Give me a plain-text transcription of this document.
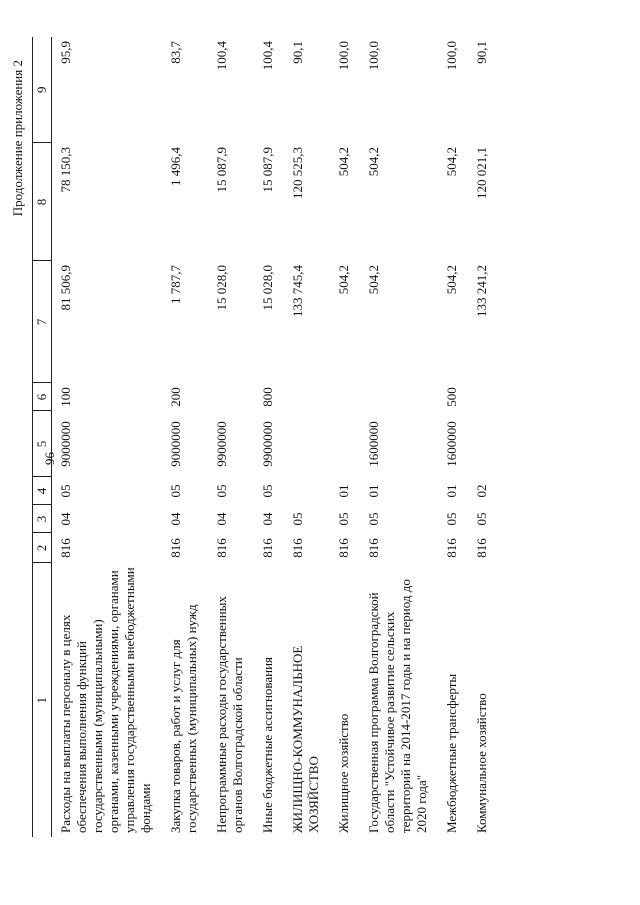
96
Продолжение приложения 2
1	2	3	4	5	6	7	8	9
Расходы на выплаты персоналу в целях обеспечения выполнения функций государственными (муниципальными) органами, казенными учреждениями, органами управления государственными внебюджетными фондами	816	04	05	9000000	100	81 506,9	78 150,3	95,9
Закупка товаров, работ и услуг для государственных (муниципальных) нужд	816	04	05	9000000	200	1 787,7	1 496,4	83,7
Непрограммные расходы государственных органов Волгоградской области	816	04	05	9900000		15 028,0	15 087,9	100,4
Иные бюджетные ассигнования	816	04	05	9900000	800	15 028,0	15 087,9	100,4
ЖИЛИЩНО-КОММУНАЛЬНОЕ ХОЗЯЙСТВО	816	05				133 745,4	120 525,3	90,1
Жилищное хозяйство	816	05	01			504,2	504,2	100,0
Государственная программа Волгоградской области "Устойчивое развитие сельских территорий на 2014-2017 годы и на период до 2020 года"	816	05	01	1600000		504,2	504,2	100,0
Межбюджетные трансферты	816	05	01	1600000	500	504,2	504,2	100,0
Коммунальное хозяйство	816	05	02			133 241,2	120 021,1	90,1
